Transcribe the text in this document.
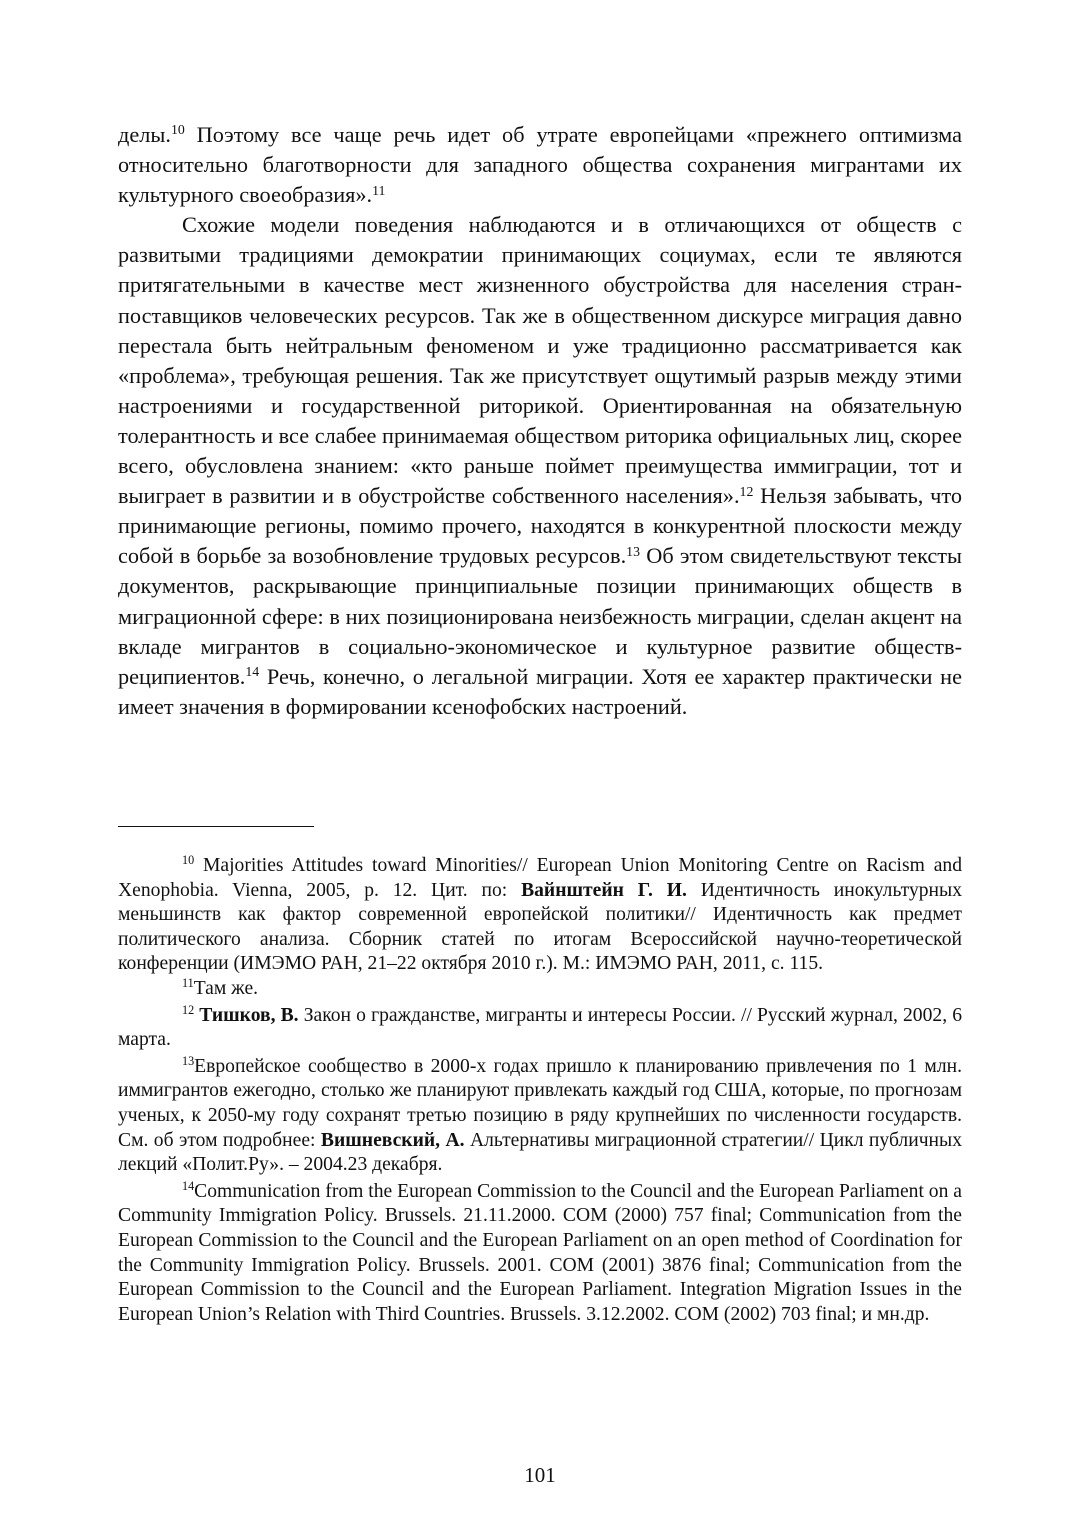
делы.$^{10}$ Поэтому все чаще речь идет об утрате европейцами «прежнего оптимизма относительно благотворности для западного общества сохранения мигрантами их культурного своеобразия».$^{11}$

Схожие модели поведения наблюдаются и в отличающихся от обществ с развитыми традициями демократии принимающих социумах, если те являются притягательными в качестве мест жизненного обустройства для населения стран-поставщиков человеческих ресурсов. Так же в общественном дискурсе миграция давно перестала быть нейтральным феноменом и уже традиционно рассматривается как «проблема», требующая решения. Так же присутствует ощутимый разрыв между этими настроениями и государственной риторикой. Ориентированная на обязательную толерантность и все слабее принимаемая обществом риторика официальных лиц, скорее всего, обусловлена знанием: «кто раньше поймет преимущества иммиграции, тот и выиграет в развитии и в обустройстве собственного населения».$^{12}$ Нельзя забывать, что принимающие регионы, помимо прочего, находятся в конкурентной плоскости между собой в борьбе за возобновление трудовых ресурсов.$^{13}$ Об этом свидетельствуют тексты документов, раскрывающие принципиальные позиции принимающих обществ в миграционной сфере: в них позиционирована неизбежность миграции, сделан акцент на вкладе мигрантов в социально-экономическое и культурное развитие обществ-реципиентов.$^{14}$ Речь, конечно, о легальной миграции. Хотя ее характер практически не имеет значения в формировании ксенофобских настроений.

$^{10}$ Majorities Attitudes toward Minorities// European Union Monitoring Centre on Racism and Xenophobia. Vienna, 2005, p. 12. Цит. по: Вайнштейн Г. И. Идентичность инокультурных меньшинств как фактор современной европейской политики// Идентичность как предмет политического анализа. Сборник статей по итогам Всероссийской научно-теоретической конференции (ИМЭМО РАН, 21–22 октября 2010 г.). М.: ИМЭМО РАН, 2011, с. 115.

$^{11}$Там же.

$^{12}$ Тишков, В. Закон о гражданстве, мигранты и интересы России. // Русский журнал, 2002, 6 марта.

$^{13}$Европейское сообщество в 2000-х годах пришло к планированию привлечения по 1 млн. иммигрантов ежегодно, столько же планируют привлекать каждый год США, которые, по прогнозам ученых, к 2050-му году сохранят третью позицию в ряду крупнейших по численности государств. См. об этом подробнее: Вишневский, А. Альтернативы миграционной стратегии// Цикл публичных лекций «Полит.Ру». – 2004.23 декабря.

$^{14}$Communication from the European Commission to the Council and the European Parliament on a Community Immigration Policy. Brussels. 21.11.2000. COM (2000) 757 final; Communication from the European Commission to the Council and the European Parliament on an open method of Coordination for the Community Immigration Policy. Brussels. 2001. COM (2001) 3876 final; Communication from the European Commission to the Council and the European Parliament. Integration Migration Issues in the European Union’s Relation with Third Countries. Brussels. 3.12.2002. COM (2002) 703 final; и мн.др.

101
